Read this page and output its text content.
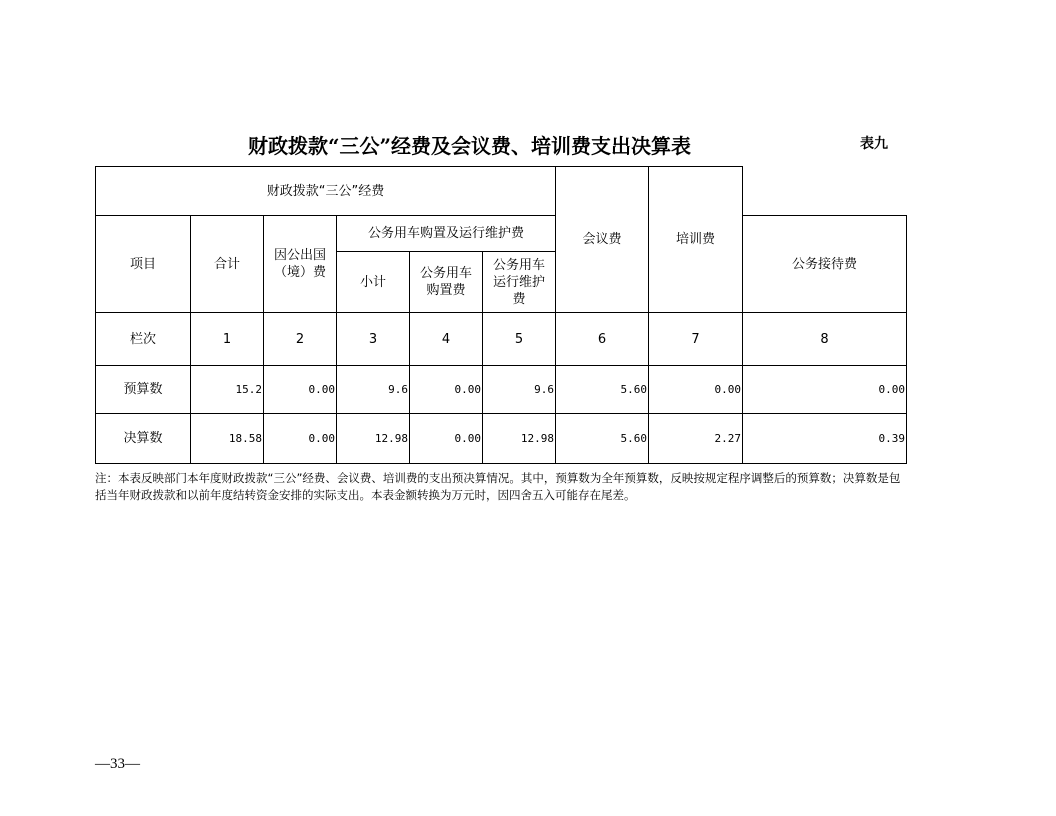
财政拨款“三公”经费及会议费、培训费支出决算表	表九
财政拨款“三公”经费						会议费	培训费	
项目	合计	因公出国（境）费	公务用车购置及运行维护费					公务接待费
			小计	公务用车购置费	公务用车运行维护费			
栏次	1	2	3	4	5	6	7	8
预算数	15.2	0.00	9.6	0.00	9.6	5.60	0.00	0.00
决算数	18.58	0.00	12.98	0.00	12.98	5.60	2.27	0.39
注：本表反映部门本年度财政拨款“三公”经费、会议费、培训费的支出预决算情况。其中，预算数为全年预算数，反映按规定程序调整后的预算数；决算数是包括当年财政拨款和以前年度结转资金安排的实际支出。本表金额转换为万元时，因四舍五入可能存在尾差。
—33—
